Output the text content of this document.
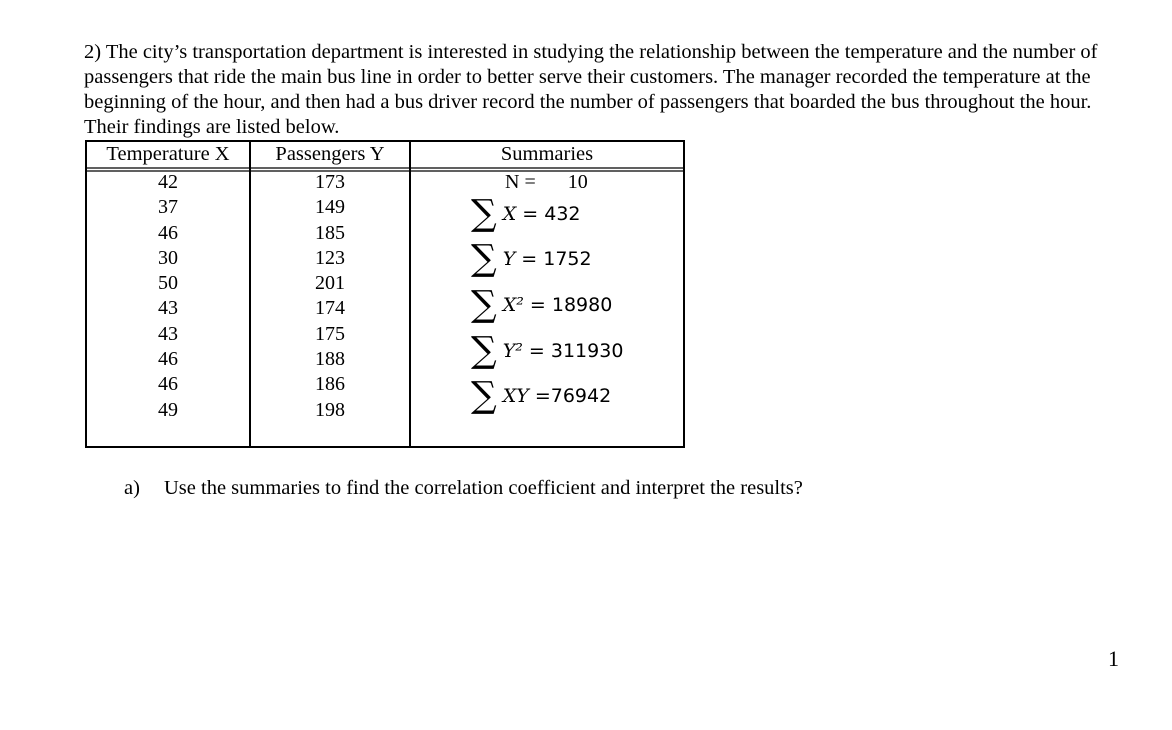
2) The city’s transportation department is interested in studying the relationship between the temperature and the number of passengers that ride the main bus line in order to better serve their customers. The manager recorded the temperature at the beginning of the hour, and then had a bus driver record the number of passengers that boarded the bus throughout the hour. Their findings are listed below.
Temperature X	Passengers Y	Summaries
42
37
46
30
50
43
43
46
46
49
173
149
185
123
201
174
175
188
186
198
N = 10
∑ X = 432
∑ Y = 1752
∑ X² = 18980
∑ Y² = 311930
∑ XY =76942
a) Use the summaries to find the correlation coefficient and interpret the results?
1
